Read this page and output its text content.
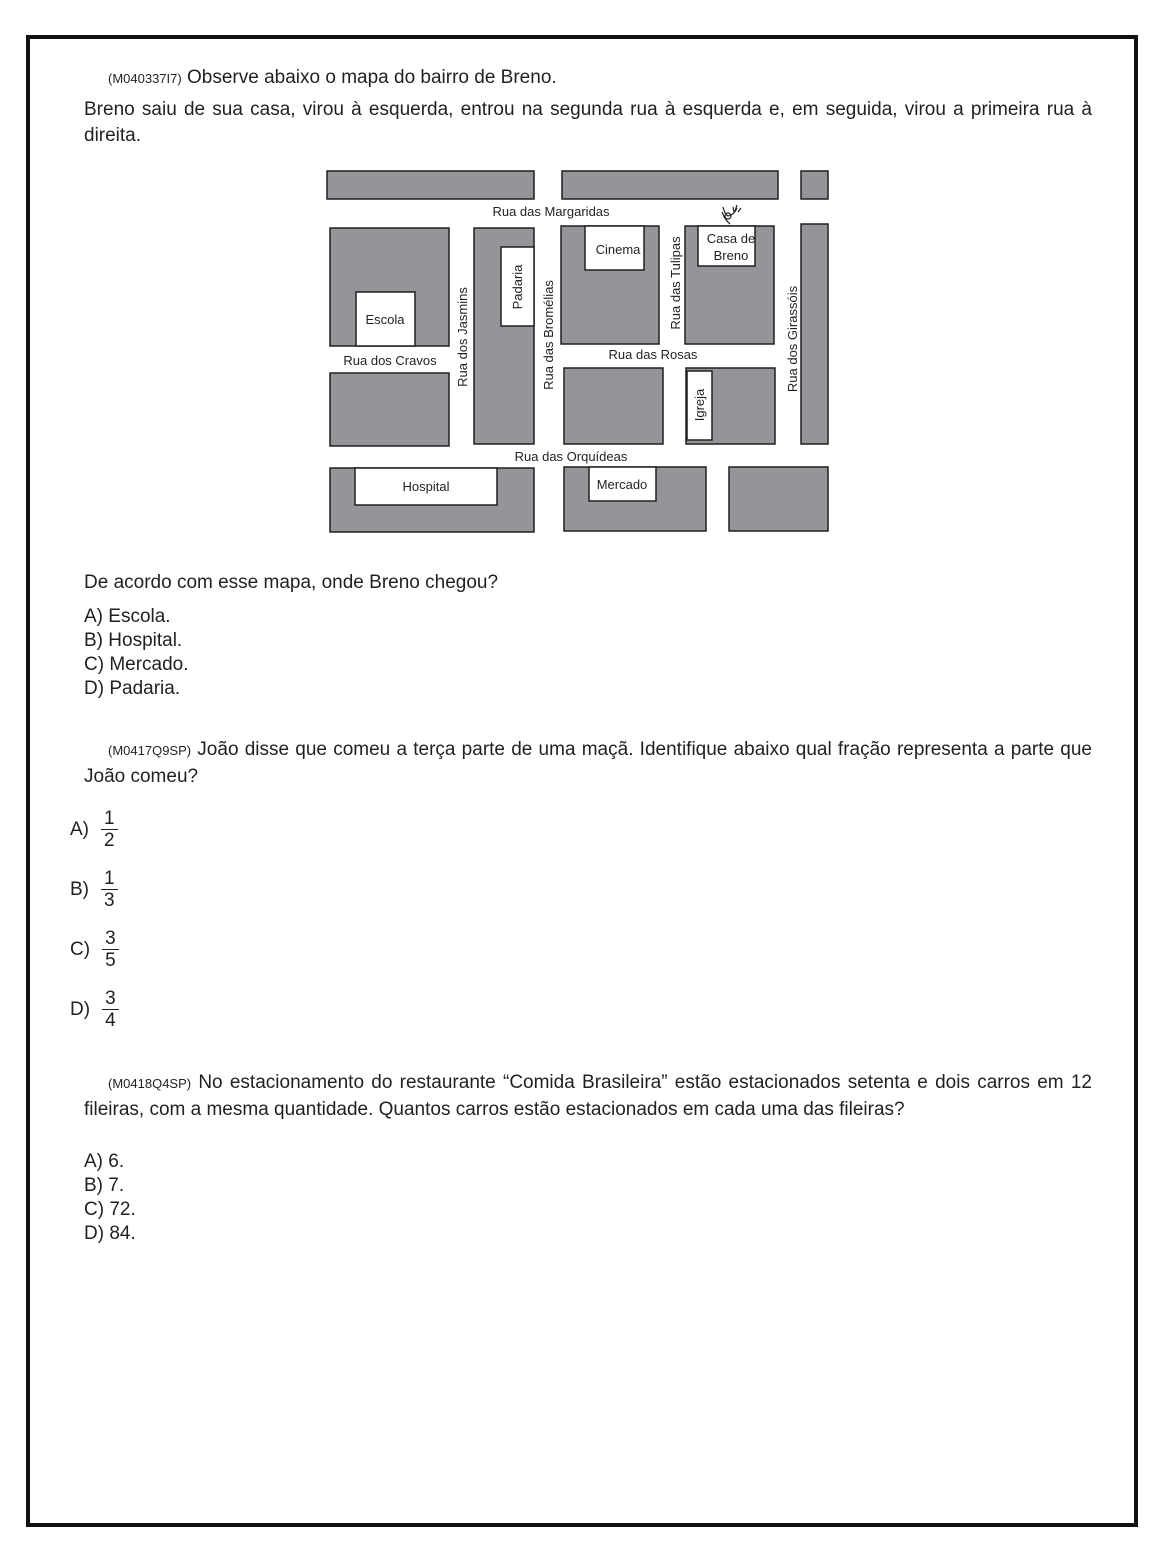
(M040337I7) Observe abaixo o mapa do bairro de Breno.
Breno saiu de sua casa, virou à esquerda, entrou na segunda rua à esquerda e, em seguida, virou a primeira rua à direita.
Rua das Margaridas
Rua dos Cravos	Rua das Rosas
Rua das Orquídeas
Rua dos Jasmins	Rua das Bromélias	Rua das Tulipas
Rua dos Girassóis
Escola
Padaria
Cinema
Casa de
Breno
Igreja
Hospital	Mercado
De acordo com esse mapa, onde Breno chegou?
A) Escola.
B) Hospital.
C) Mercado.
D) Padaria.
(M0417Q9SP) João disse que comeu a terça parte de uma maçã. Identifique abaixo qual fração representa a parte que João comeu?
$A) \frac{1}{2}$
$B) \frac{1}{3}$
$C) \frac{3}{5}$
$D) \frac{3}{4}$
(M0418Q4SP) No estacionamento do restaurante “Comida Brasileira” estão estacionados setenta e dois carros em 12 fileiras, com a mesma quantidade. Quantos carros estão estacionados em cada uma das fileiras?
A) 6.
B) 7.
C) 72.
D) 84.
